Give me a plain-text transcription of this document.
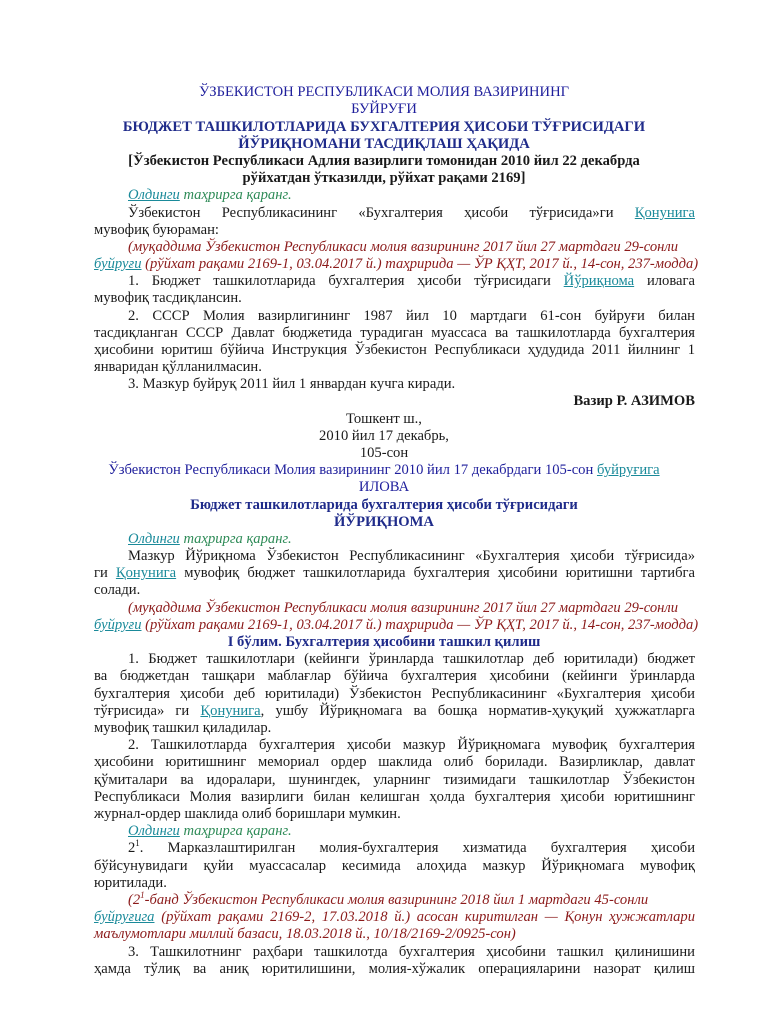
ЎЗБЕКИСТОН РЕСПУБЛИКАСИ МОЛИЯ ВАЗИРИНИНГ
БУЙРУҒИ
БЮДЖЕТ ТАШКИЛОТЛАРИДА БУХГАЛТЕРИЯ ҲИСОБИ ТЎҒРИСИДАГИ
ЙЎРИҚНОМАНИ ТАСДИҚЛАШ ҲАҚИДА
[Ўзбекистон Республикаси Адлия вазирлиги томонидан 2010 йил 22 декабрда
рўйхатдан ўтказилди, рўйхат рақами 2169]
Олдинги таҳрирга қаранг.
Ўзбекистон Республикасининг «Бухгалтерия ҳисоби тўғрисида»ги Қонунига
мувофиқ буюраман:
(муқаддима Ўзбекистон Республикаси молия вазирининг 2017 йил 27 мартдаги 29-сонли
буйруғи (рўйхат рақами 2169-1, 03.04.2017 й.) таҳририда — ЎР ҚҲТ, 2017 й., 14-сон, 237-модда)
1. Бюджет ташкилотларида бухгалтерия ҳисоби тўғрисидаги Йўриқнома иловага
мувофиқ тасдиқлансин.
2. СССР Молия вазирлигининг 1987 йил 10 мартдаги 61-сон буйруғи билан
тасдиқланган СССР Давлат бюджетида турадиган муассаса ва ташкилотларда бухгалтерия
ҳисобини юритиш бўйича Инструкция Ўзбекистон Республикаси ҳудудида 2011 йилнинг 1
январидан қўлланилмасин.
3. Мазкур буйруқ 2011 йил 1 январдан кучга киради.
Вазир Р. АЗИМОВ
Тошкент ш.,
2010 йил 17 декабрь,
105-сон
Ўзбекистон Республикаси Молия вазирининг 2010 йил 17 декабрдаги 105-сон буйруғига
ИЛОВА
Бюджет ташкилотларида бухгалтерия ҳисоби тўғрисидаги
ЙЎРИҚНОМА
Олдинги таҳрирга қаранг.
Мазкур Йўриқнома Ўзбекистон Республикасининг «Бухгалтерия ҳисоби тўғрисида»
ги Қонунига мувофиқ бюджет ташкилотларида бухгалтерия ҳисобини юритишни тартибга
солади.
(муқаддима Ўзбекистон Республикаси молия вазирининг 2017 йил 27 мартдаги 29-сонли
буйруғи (рўйхат рақами 2169-1, 03.04.2017 й.) таҳририда — ЎР ҚҲТ, 2017 й., 14-сон, 237-модда)
I бўлим. Бухгалтерия ҳисобини ташкил қилиш
1. Бюджет ташкилотлари (кейинги ўринларда ташкилотлар деб юритилади) бюджет
ва бюджетдан ташқари маблағлар бўйича бухгалтерия ҳисобини (кейинги ўринларда
бухгалтерия ҳисоби деб юритилади) Ўзбекистон Республикасининг «Бухгалтерия ҳисоби
тўғрисида» ги Қонунига, ушбу Йўриқномага ва бошқа норматив-ҳуқуқий ҳужжатларга
мувофиқ ташкил қиладилар.
2. Ташкилотларда бухгалтерия ҳисоби мазкур Йўриқномага мувофиқ бухгалтерия
ҳисобини юритишнинг мемориал ордер шаклида олиб борилади. Вазирликлар, давлат
қўмиталари ва идоралари, шунингдек, уларнинг тизимидаги ташкилотлар Ўзбекистон
Республикаси Молия вазирлиги билан келишган ҳолда бухгалтерия ҳисоби юритишнинг
журнал-ордер шаклида олиб боришлари мумкин.
Олдинги таҳрирга қаранг.
$2^1$. Марказлаштирилган молия-бухгалтерия хизматида бухгалтерия ҳисоби
бўйсунувидаги қуйи муассасалар кесимида алоҳида мазкур Йўриқномага мувофиқ
юритилади.
($2^1$-банд Ўзбекистон Республикаси молия вазирининг 2018 йил 1 мартдаги 45-сонли
буйруғига (рўйхат рақами 2169-2, 17.03.2018 й.) асосан киритилган — Қонун ҳужжатлари
маълумотлари миллий базаси, 18.03.2018 й., 10/18/2169-2/0925-сон)
3. Ташкилотнинг раҳбари ташкилотда бухгалтерия ҳисобини ташкил қилинишини
ҳамда тўлиқ ва аниқ юритилишини, молия-хўжалик операцияларини назорат қилиш
